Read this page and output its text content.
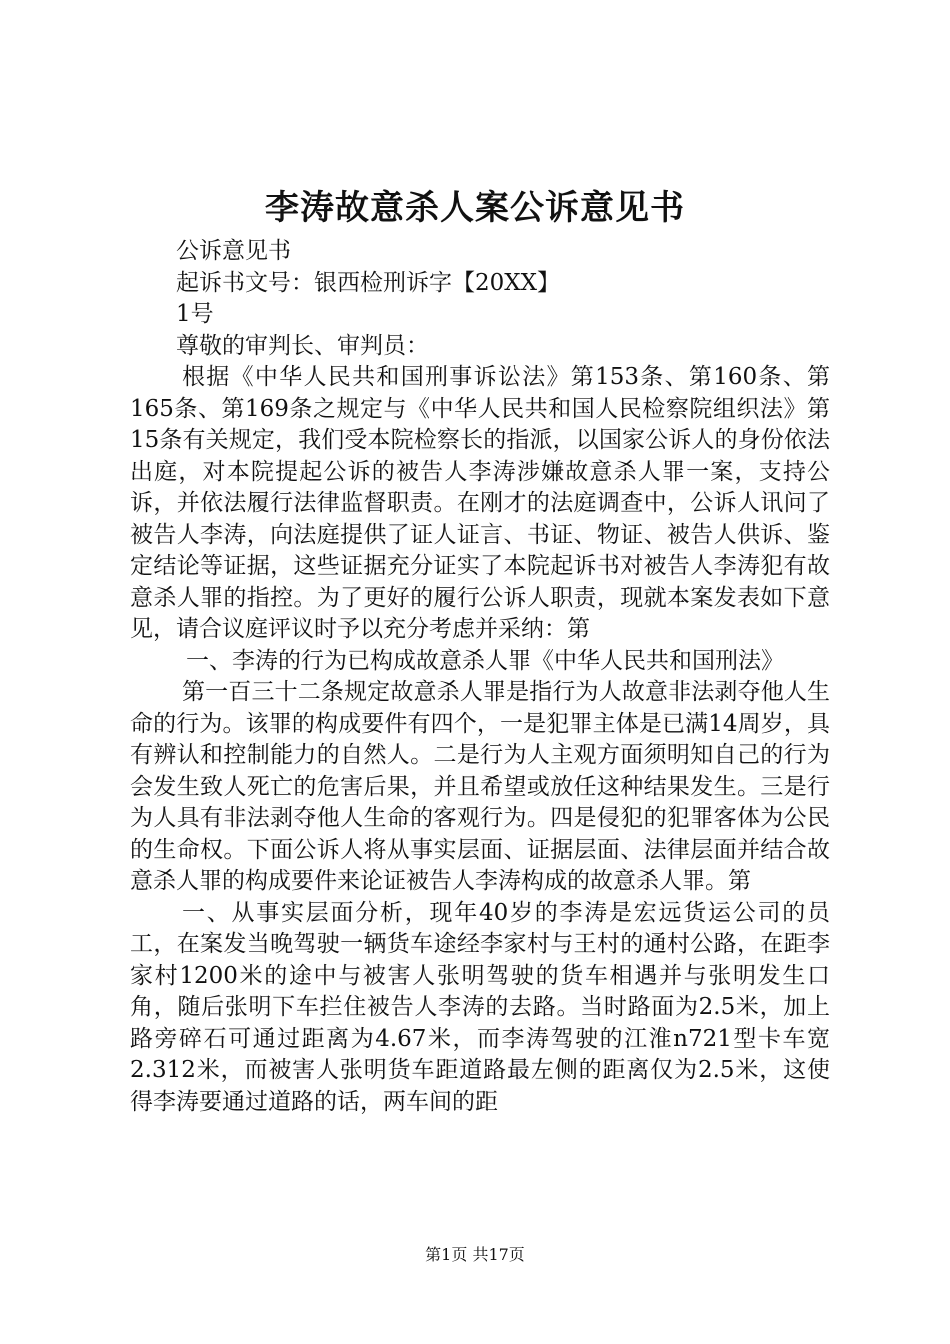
李涛故意杀人案公诉意见书

公诉意见书

起诉书文号：银西检刑诉字【20XX】

1号

尊敬的审判长、审判员：

根据《中华人民共和国刑事诉讼法》第153条、第160条、第165条、第169条之规定与《中华人民共和国人民检察院组织法》第15条有关规定，我们受本院检察长的指派，以国家公诉人的身份依法出庭，对本院提起公诉的被告人李涛涉嫌故意杀人罪一案，支持公诉，并依法履行法律监督职责。在刚才的法庭调查中，公诉人讯问了被告人李涛，向法庭提供了证人证言、书证、物证、被告人供诉、鉴定结论等证据，这些证据充分证实了本院起诉书对被告人李涛犯有故意杀人罪的指控。为了更好的履行公诉人职责，现就本案发表如下意见，请合议庭评议时予以充分考虑并采纳：第

一、李涛的行为已构成故意杀人罪《中华人民共和国刑法》

第一百三十二条规定故意杀人罪是指行为人故意非法剥夺他人生命的行为。该罪的构成要件有四个，一是犯罪主体是已满14周岁，具有辨认和控制能力的自然人。二是行为人主观方面须明知自己的行为会发生致人死亡的危害后果，并且希望或放任这种结果发生。三是行为人具有非法剥夺他人生命的客观行为。四是侵犯的犯罪客体为公民的生命权。下面公诉人将从事实层面、证据层面、法律层面并结合故意杀人罪的构成要件来论证被告人李涛构成的故意杀人罪。第

一、从事实层面分析，现年40岁的李涛是宏远货运公司的员工，在案发当晚驾驶一辆货车途经李家村与王村的通村公路，在距李家村1200米的途中与被害人张明驾驶的货车相遇并与张明发生口角，随后张明下车拦住被告人李涛的去路。当时路面为2.5米，加上路旁碎石可通过距离为4.67米，而李涛驾驶的江淮n721型卡车宽2.312米，而被害人张明货车距道路最左侧的距离仅为2.5米，这使得李涛要通过道路的话，两车间的距

第1页 共17页
